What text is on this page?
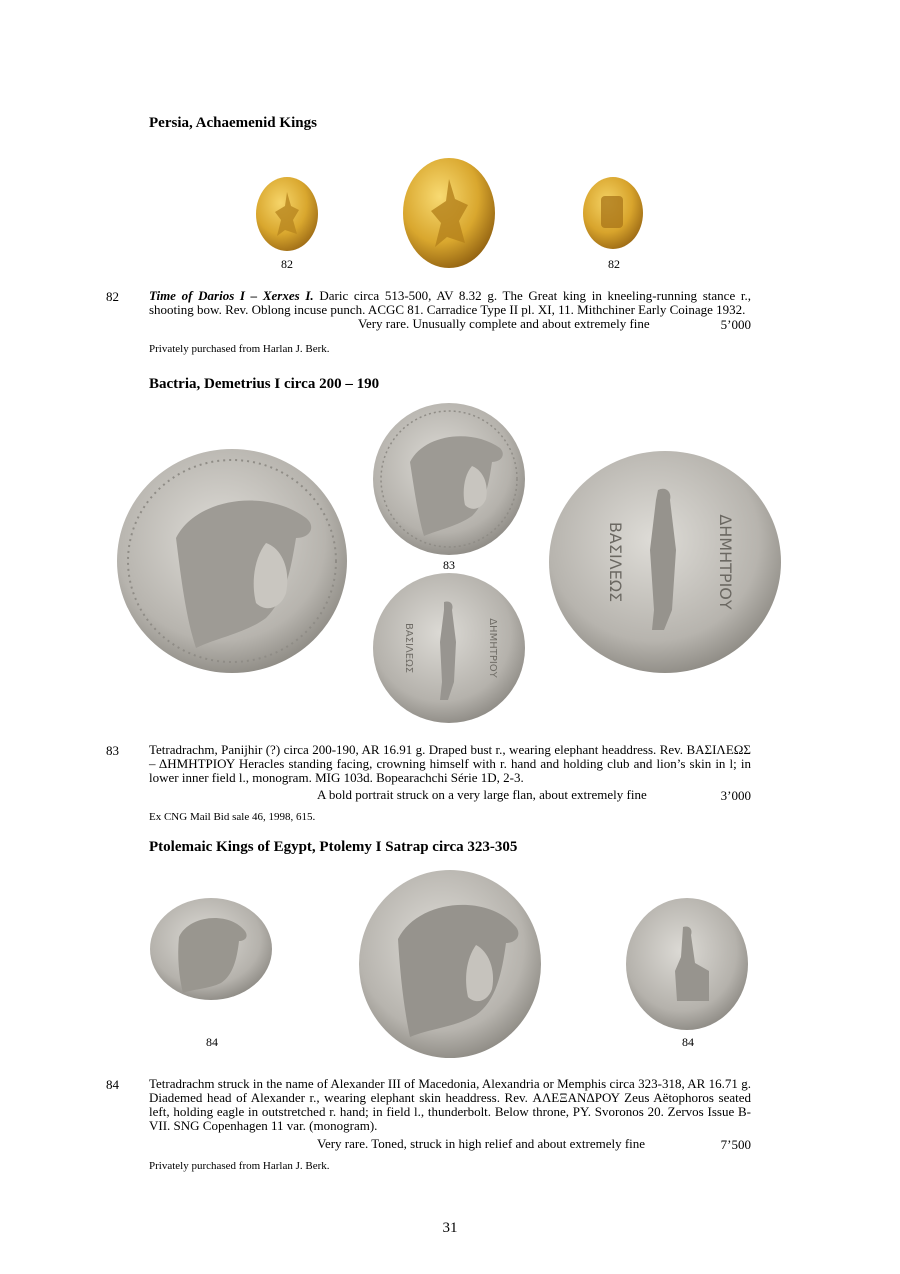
Persia, Achaemenid Kings
82	82
82 Time of Darios I – Xerxes I. Daric circa 513-500, AV 8.32 g. The Great king in kneeling-running stance r., shooting bow. Rev. Oblong incuse punch. ACGC 81. Carradice Type II pl. XI, 11. Mithchiner Early Coinage 1932.
Very rare. Unusually complete and about extremely fine	5’000
Privately purchased from Harlan J. Berk.
Bactria, Demetrius I circa 200 – 190
83
ΒΑΣΙΛΕΩΣ	ΔΗΜΗΤΡΙΟΥ
ΒΑΣΙΛΕΩΣ	ΔΗΜΗΤΡΙΟΥ
83 Tetradrachm, Panijhir (?) circa 200-190, AR 16.91 g. Draped bust r., wearing elephant headdress. Rev. ΒΑΣΙΛΕΩΣ – ΔΗΜΗΤΡΙΟΥ Heracles standing facing, crowning himself with r. hand and holding club and lion’s skin in l; in lower inner field l., monogram. MIG 103d. Bopearachchi Série 1D, 2-3.
A bold portrait struck on a very large flan, about extremely fine	3’000
Ex CNG Mail Bid sale 46, 1998, 615.
Ptolemaic Kings of Egypt, Ptolemy I Satrap circa 323-305
84	84
84 Tetradrachm struck in the name of Alexander III of Macedonia, Alexandria or Memphis circa 323-318, AR 16.71 g. Diademed head of Alexander r., wearing elephant skin headdress. Rev. ΑΛΕΞΑΝΔΡΟΥ Zeus Aëtophoros seated left, holding eagle in outstretched r. hand; in field l., thunderbolt. Below throne, PY. Svoronos 20. Zervos Issue B-VII. SNG Copenhagen 11 var. (monogram).
Very rare. Toned, struck in high relief and about extremely fine	7’500
Privately purchased from Harlan J. Berk.
31
